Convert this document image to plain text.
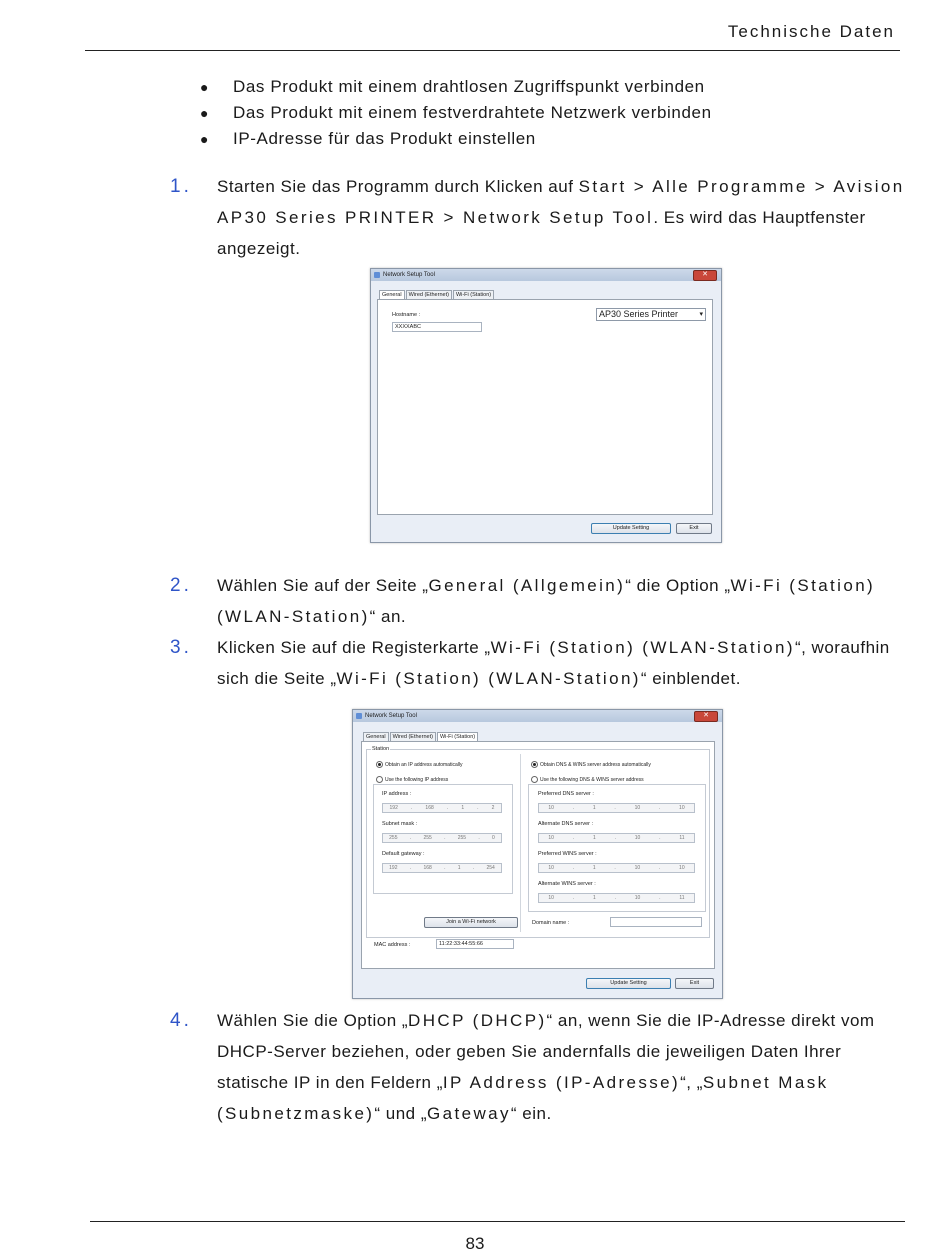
Technische Daten
● Das Produkt mit einem drahtlosen Zugriffspunkt verbinden
● Das Produkt mit einem festverdrahtete Netzwerk verbinden
● IP-Adresse für das Produkt einstellen
1. Starten Sie das Programm durch Klicken auf Start > Alle Programme > Avision AP30 Series PRINTER > Network Setup Tool. Es wird das Hauptfenster angezeigt.
Network Setup Tool	✕
General	Wired (Ethernet)	Wi-Fi (Station)
Hostname :
XXXXABC
AP30 Series Printer	▾
Update Setting	Exit
2. Wählen Sie auf der Seite „General (Allgemein)“ die Option „Wi-Fi (Station) (WLAN-Station)“ an.
3. Klicken Sie auf die Registerkarte „Wi-Fi (Station) (WLAN-Station)“, woraufhin sich die Seite „Wi-Fi (Station) (WLAN-Station)“ einblendet.
Network Setup Tool	✕
General	Wired (Ethernet)	Wi-Fi (Station)
Station
Obtain an IP address automatically
Use the following IP address
IP address :
192	.	168	.	1	.	2
Subnet mask :
255 . 255 . 255 . 0
Default gateway :
192 . 168 . 1 . 254
Join a Wi-Fi network
Obtain DNS & WINS server address automatically
Use the following DNS & WINS server address
Preferred DNS server :
10	.	1	.	10	.	10
Alternate DNS server :
10	.	1	.	10	.	11
Preferred WINS server :
10	.	1	.	10	.	10
Alternate WINS server :
10	.	1	.	10	.	11
Domain name :
MAC address :	11:22:33:44:55:66
Update Setting	Exit
4. Wählen Sie die Option „DHCP (DHCP)“ an, wenn Sie die IP-Adresse direkt vom DHCP-Server beziehen, oder geben Sie andernfalls die jeweiligen Daten Ihrer statische IP in den Feldern „IP Address (IP-Adresse)“, „Subnet Mask (Subnetzmaske)“ und „Gateway“ ein.
83
